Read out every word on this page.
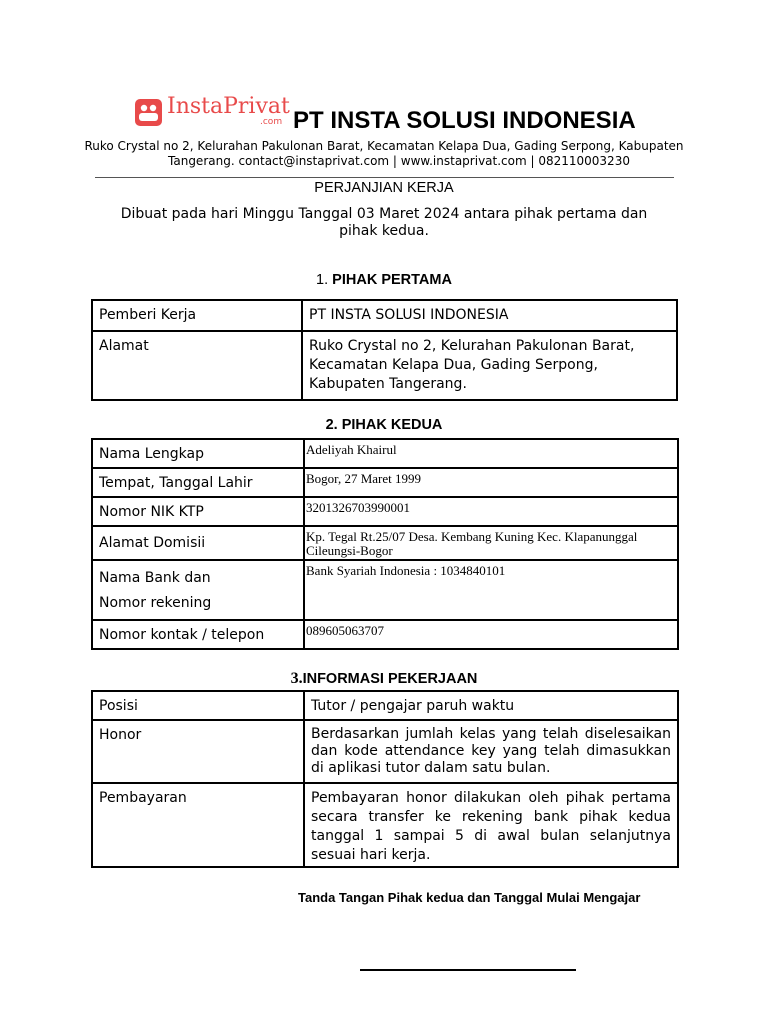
InstaPrivat
.com PT INSTA SOLUSI INDONESIA
Ruko Crystal no 2, Kelurahan Pakulonan Barat, Kecamatan Kelapa Dua, Gading Serpong, Kabupaten
Tangerang. contact@instaprivat.com | www.instaprivat.com | 082110003230
PERJANJIAN KERJA
Dibuat pada hari Minggu Tanggal 03 Maret 2024 antara pihak pertama dan pihak kedua.
1. PIHAK PERTAMA
Pemberi Kerja	PT INSTA SOLUSI INDONESIA

Alamat	Ruko Crystal no 2, Kelurahan Pakulonan Barat, Kecamatan Kelapa Dua, Gading Serpong, Kabupaten Tangerang.
2. PIHAK KEDUA
Nama Lengkap	Adeliyah Khairul

Tempat, Tanggal Lahir	Bogor, 27 Maret 1999

Nomor NIK KTP	3201326703990001

Alamat Domisii	Kp. Tegal Rt.25/07 Desa. Kembang Kuning Kec. Klapanunggal Cileungsi-Bogor

Nama Bank dan
Nomor rekening	Bank Syariah Indonesia : 1034840101

Nomor kontak / telepon	089605063707
3.INFORMASI PEKERJAAN
Posisi	Tutor / pengajar paruh waktu

Honor	Berdasarkan jumlah kelas yang telah diselesaikan dan kode attendance key yang telah dimasukkan di aplikasi tutor dalam satu bulan.

Pembayaran	Pembayaran honor dilakukan oleh pihak pertama secara transfer ke rekening bank pihak kedua tanggal 1 sampai 5 di awal bulan selanjutnya sesuai hari kerja.
Tanda Tangan Pihak kedua dan Tanggal Mulai Mengajar
